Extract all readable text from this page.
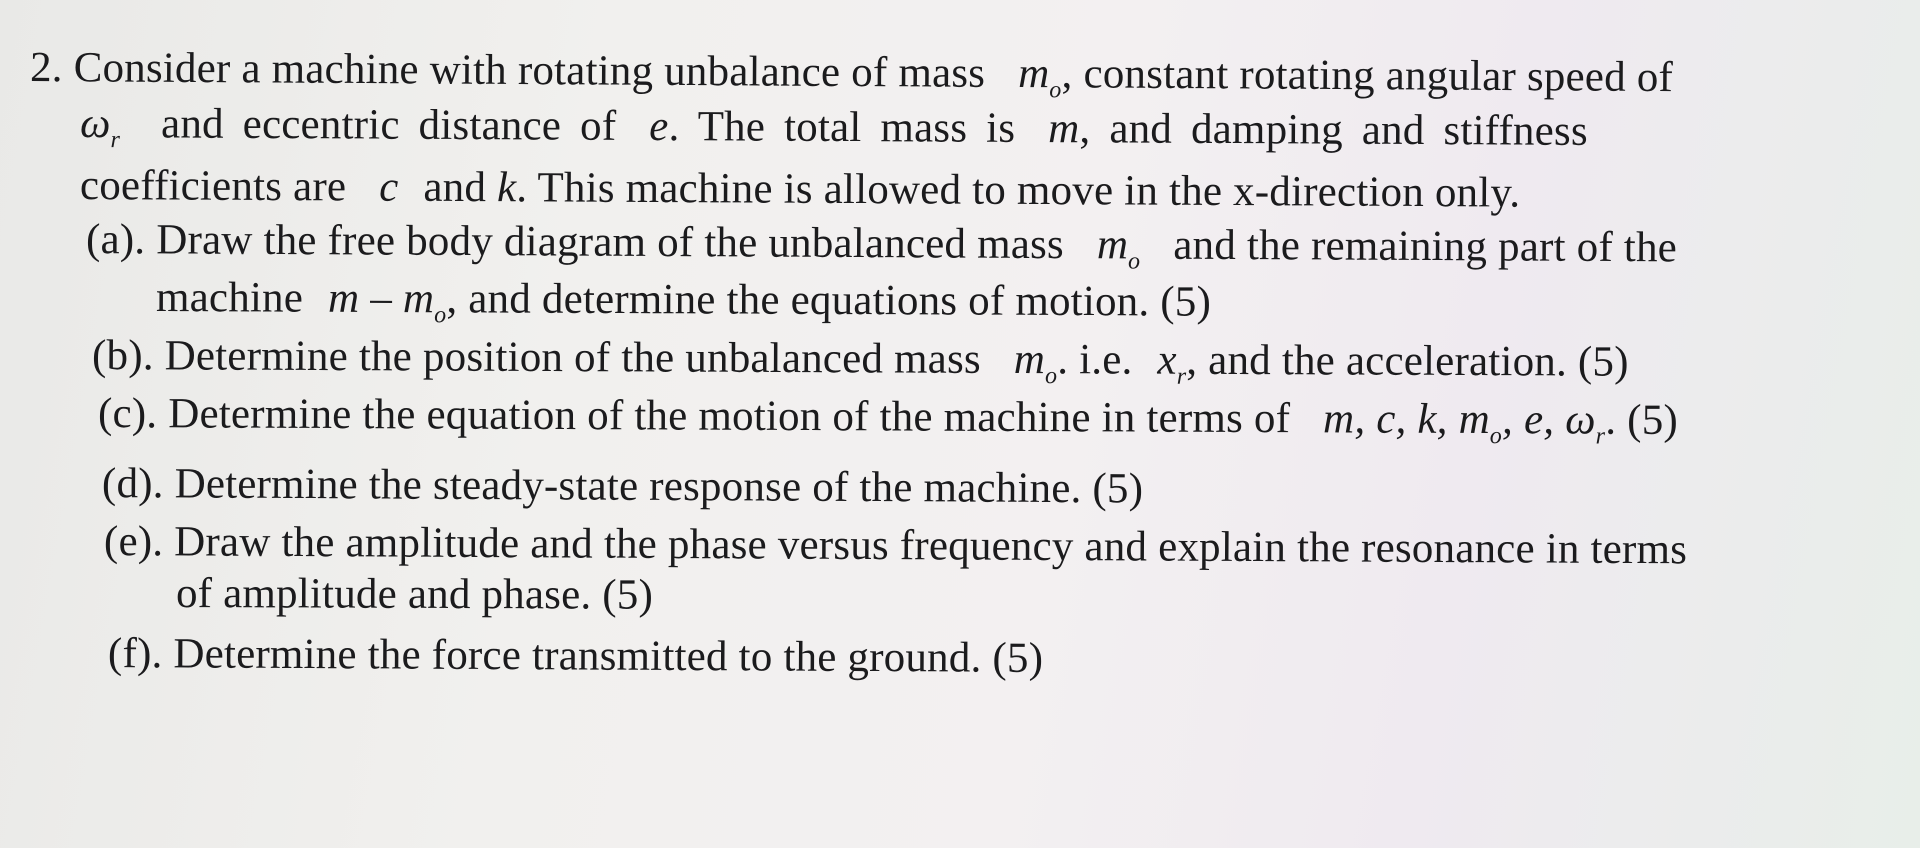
2. Consider a machine with rotating unbalance of mass $m_o$, constant rotating angular speed of
$\omega_r$ and eccentric distance of e. The total mass is m, and damping and stiffness
coefficients are c and k. This machine is allowed to move in the x-direction only.
(a). Draw the free body diagram of the unbalanced mass $m_o$ and the remaining part of the
machine m – $m_o$, and determine the equations of motion. (5)
(b). Determine the position of the unbalanced mass $m_o$. i.e. $x_r$, and the acceleration. (5)
(c). Determine the equation of the motion of the machine in terms of m, c, k, $m_o$, e, $\omega_r$. (5)
(d). Determine the steady-state response of the machine. (5)
(e). Draw the amplitude and the phase versus frequency and explain the resonance in terms
of amplitude and phase. (5)
(f). Determine the force transmitted to the ground. (5)
